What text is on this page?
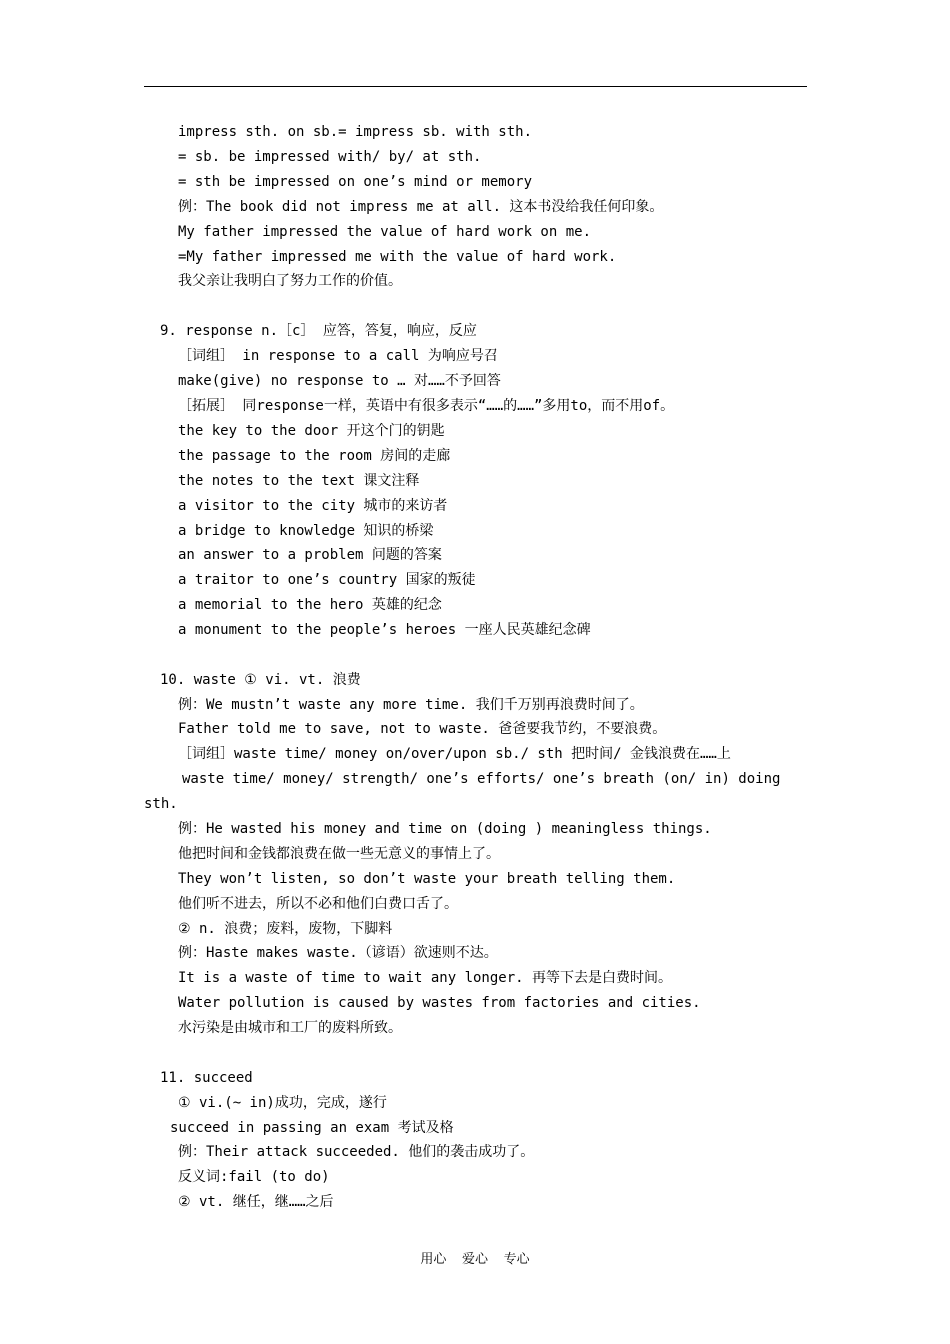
impress sth. on sb.= impress sb. with sth.
= sb. be impressed with/ by/ at sth.
= sth be impressed on one’s mind or memory
例：The book did not impress me at all. 这本书没给我任何印象。
My father impressed the value of hard work on me.
=My father impressed me with the value of hard work.
我父亲让我明白了努力工作的价值。
9. response n.［c］ 应答，答复，响应，反应
［词组］ in response to a call 为响应号召
make(give) no response to … 对……不予回答
［拓展］ 同response一样，英语中有很多表示“……的……”多用to，而不用of。
the key to the door 开这个门的钥匙
the passage to the room 房间的走廊
the notes to the text 课文注释
a visitor to the city 城市的来访者
a bridge to knowledge 知识的桥梁
an answer to a problem 问题的答案
a traitor to one’s country 国家的叛徒
a memorial to the hero 英雄的纪念
a monument to the people’s heroes 一座人民英雄纪念碑
10. waste ① vi. vt. 浪费
例：We mustn’t waste any more time. 我们千万别再浪费时间了。
Father told me to save, not to waste. 爸爸要我节约，不要浪费。
［词组］waste time/ money on/over/upon sb./ sth 把时间/ 金钱浪费在……上
waste time/ money/ strength/ one’s efforts/ one’s breath (on/ in) doing
sth.
例：He wasted his money and time on (doing ) meaningless things.
他把时间和金钱都浪费在做一些无意义的事情上了。
They won’t listen, so don’t waste your breath telling them.
他们听不进去，所以不必和他们白费口舌了。
② n. 浪费；废料，废物，下脚料
例：Haste makes waste.（谚语）欲速则不达。
It is a waste of time to wait any longer. 再等下去是白费时间。
Water pollution is caused by wastes from factories and cities.
水污染是由城市和工厂的废料所致。
11. succeed
① vi.(~ in)成功，完成，遂行
succeed in passing an exam 考试及格
例：Their attack succeeded. 他们的袭击成功了。
反义词:fail (to do)
② vt. 继任，继……之后
用心  爱心  专心
